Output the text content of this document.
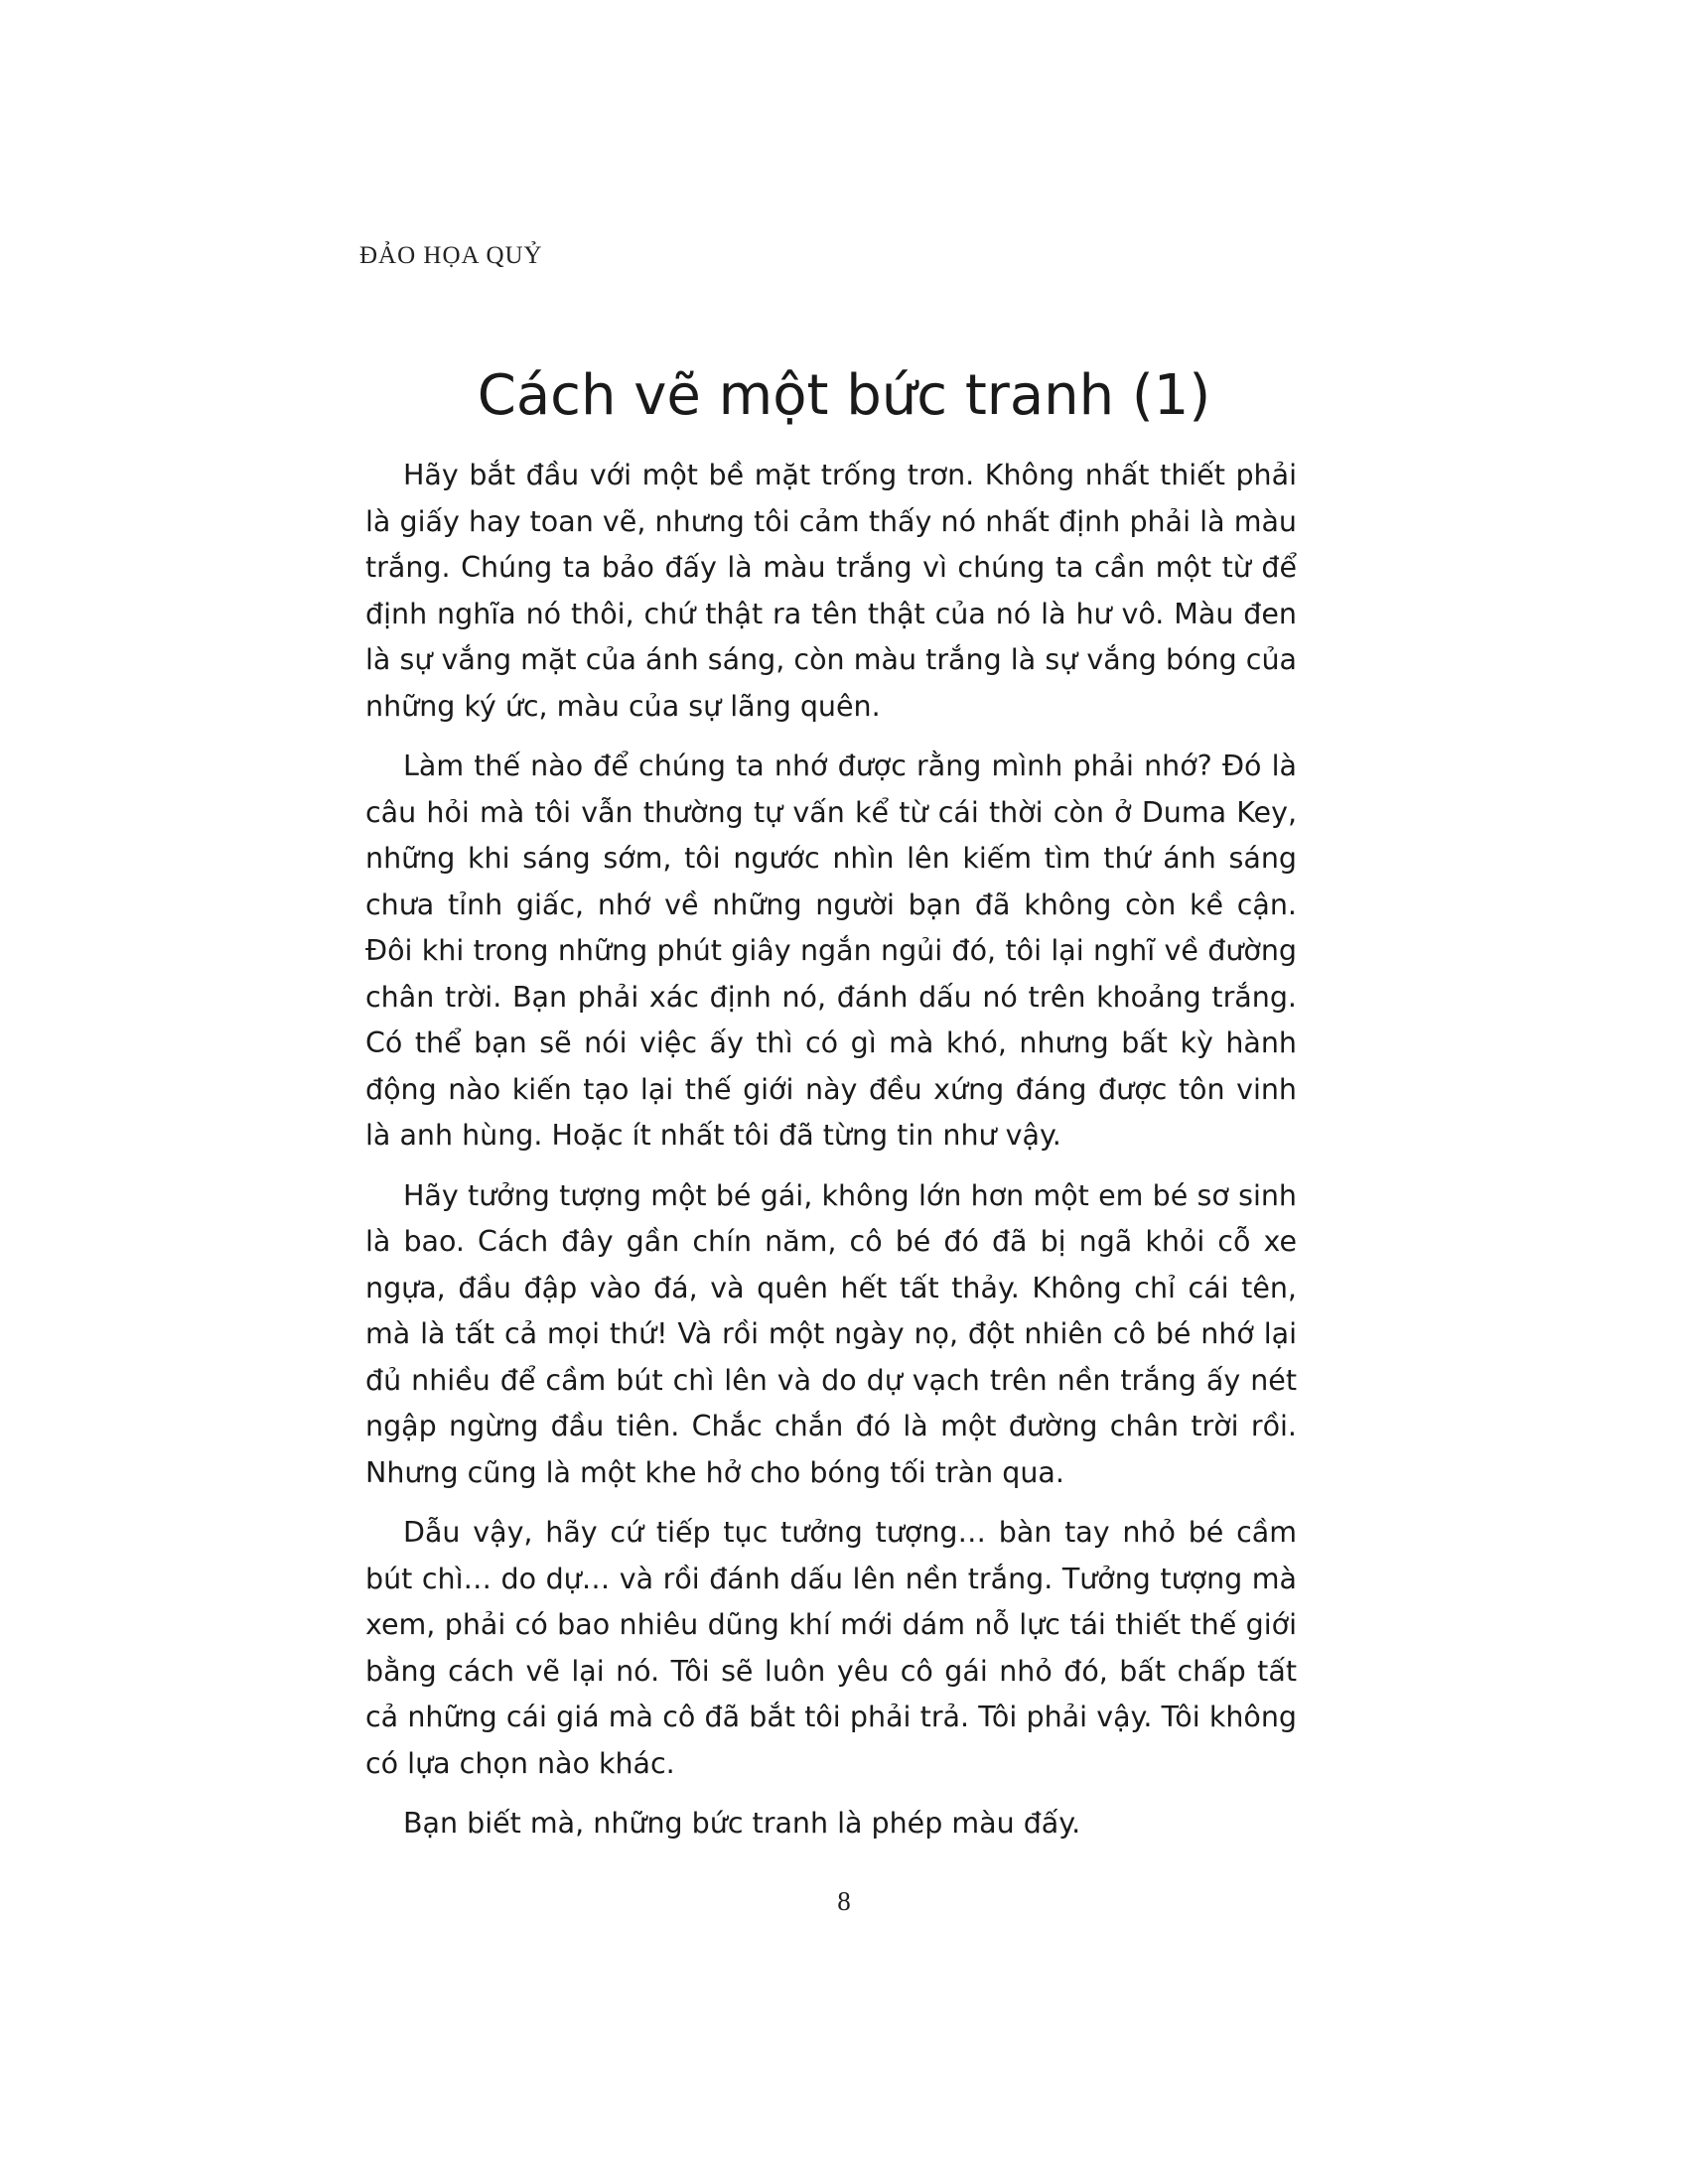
ĐẢO HỌA QUỶ
Cách vẽ một bức tranh (1)

Hãy bắt đầu với một bề mặt trống trơn. Không nhất thiết phải là giấy hay toan vẽ, nhưng tôi cảm thấy nó nhất định phải là màu trắng. Chúng ta bảo đấy là màu trắng vì chúng ta cần một từ để định nghĩa nó thôi, chứ thật ra tên thật của nó là hư vô. Màu đen là sự vắng mặt của ánh sáng, còn màu trắng là sự vắng bóng của những ký ức, màu của sự lãng quên.

Làm thế nào để chúng ta nhớ được rằng mình phải nhớ? Đó là câu hỏi mà tôi vẫn thường tự vấn kể từ cái thời còn ở Duma Key, những khi sáng sớm, tôi ngước nhìn lên kiếm tìm thứ ánh sáng chưa tỉnh giấc, nhớ về những người bạn đã không còn kề cận. Đôi khi trong những phút giây ngắn ngủi đó, tôi lại nghĩ về đường chân trời. Bạn phải xác định nó, đánh dấu nó trên khoảng trắng. Có thể bạn sẽ nói việc ấy thì có gì mà khó, nhưng bất kỳ hành động nào kiến tạo lại thế giới này đều xứng đáng được tôn vinh là anh hùng. Hoặc ít nhất tôi đã từng tin như vậy.

Hãy tưởng tượng một bé gái, không lớn hơn một em bé sơ sinh là bao. Cách đây gần chín năm, cô bé đó đã bị ngã khỏi cỗ xe ngựa, đầu đập vào đá, và quên hết tất thảy. Không chỉ cái tên, mà là tất cả mọi thứ! Và rồi một ngày nọ, đột nhiên cô bé nhớ lại đủ nhiều để cầm bút chì lên và do dự vạch trên nền trắng ấy nét ngập ngừng đầu tiên. Chắc chắn đó là một đường chân trời rồi. Nhưng cũng là một khe hở cho bóng tối tràn qua.

Dẫu vậy, hãy cứ tiếp tục tưởng tượng… bàn tay nhỏ bé cầm bút chì… do dự… và rồi đánh dấu lên nền trắng. Tưởng tượng mà xem, phải có bao nhiêu dũng khí mới dám nỗ lực tái thiết thế giới bằng cách vẽ lại nó. Tôi sẽ luôn yêu cô gái nhỏ đó, bất chấp tất cả những cái giá mà cô đã bắt tôi phải trả. Tôi phải vậy. Tôi không có lựa chọn nào khác.

Bạn biết mà, những bức tranh là phép màu đấy.

8
